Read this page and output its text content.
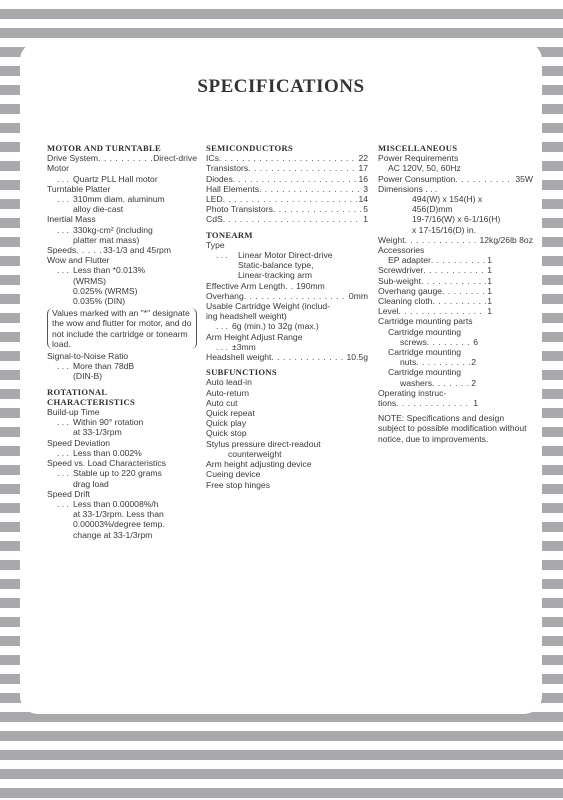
SPECIFICATIONS
MOTOR AND TURNTABLE
Drive System . . .	Direct-drive
Motor
. . . Quartz PLL Hall motor
Turntable Platter
. . . 310mm diam. aluminum
alloy die-cast
Inertial Mass
. . . 330kg-cm² (including
platter mat mass)
Speeds . . .	33-1/3 and 45rpm
Wow and Flutter
. . . Less than *0.013%
(WRMS)
0.025% (WRMS)
0.035% (DIN)
Values marked with an "*" designate the wow and flutter for motor, and do not include the cartridge or tonearm load.
Signal-to-Noise Ratio
. . . More than 78dB
(DIN-B)
ROTATIONAL CHARACTERISTICS
Build-up Time
. . . Within 90° rotation
at 33-1/3rpm
Speed Deviation
. . . Less than 0.002%
Speed vs. Load Characteristics
. . . Stable up to 220 grams
drag load
Speed Drift
. . . Less than 0.00008%/h
at 33-1/3rpm. Less than
0.00003%/degree temp.
change at 33-1/3rpm
SEMICONDUCTORS
ICs . . .	22
Transistors . . .	17
Diodes . . .	16
Hall Elements . . .	3
LED . . .	14
Photo Transistors . . .	5
CdS . . .	1
TONEARM
Type
. . .	Linear Motor Direct-drive
Static-balance type,
Linear-tracking arm
Effective Arm Length . . . 190mm
Overhang . . .	0mm
Usable Cartridge Weight (includ-
ing headshell weight)
. . . 6g (min.) to 32g (max.)
Arm Height Adjust Range
. . . ±3mm
Headshell weight . . .	10.5g
SUBFUNCTIONS
Auto lead-in
Auto-return
Auto cut
Quick repeat
Quick play
Quick stop
Stylus pressure direct-readout
counterweight
Arm height adjusting device
Cueing device
Free stop hinges
MISCELLANEOUS
Power Requirements
AC 120V, 50, 60Hz
Power Consumption . . .	35W
Dimensions . . .
494(W) x 154(H) x
456(D)mm
19-7/16(W) x 6-1/16(H)
x 17-15/16(D) in.
Weight . . .	12kg/26lb 8oz
Accessories
EP adapter . . .	1
Screwdriver . . .	1
Sub-weight . . .	1
Overhang gauge . . .	1
Cleaning cloth . . .	1
Level . . .	1
Cartridge mounting parts
Cartridge mounting
screws . . .	6
Cartridge mounting
nuts . . .	2
Cartridge mounting
washers . . .	2
Operating instruc-
tions . . .	1
NOTE: Specifications and design subject to possible modification without notice, due to improvements.
